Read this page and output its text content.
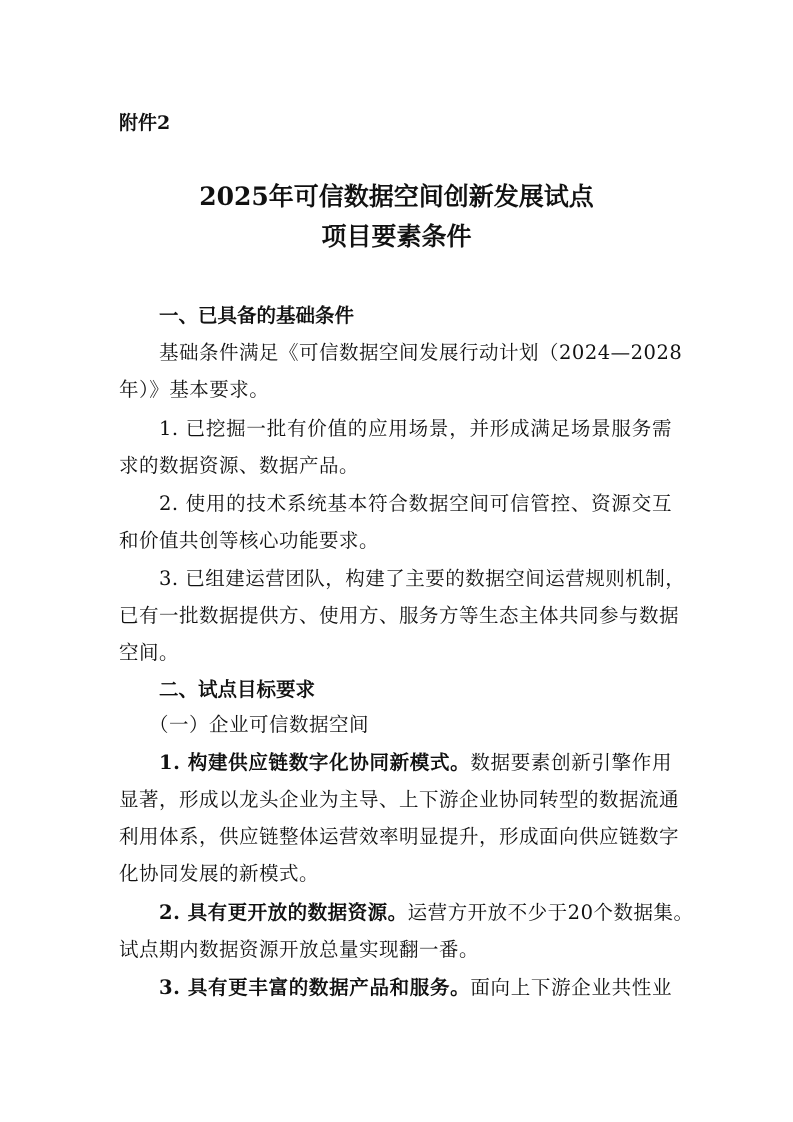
附件2
2025年可信数据空间创新发展试点
项目要素条件
一、已具备的基础条件
基础条件满足《可信数据空间发展行动计划（2024—2028
年）》基本要求。
1. 已挖掘一批有价值的应用场景，并形成满足场景服务需
求的数据资源、数据产品。
2. 使用的技术系统基本符合数据空间可信管控、资源交互
和价值共创等核心功能要求。
3. 已组建运营团队，构建了主要的数据空间运营规则机制，
已有一批数据提供方、使用方、服务方等生态主体共同参与数据
空间。
二、试点目标要求
（一）企业可信数据空间
1. 构建供应链数字化协同新模式。数据要素创新引擎作用
显著，形成以龙头企业为主导、上下游企业协同转型的数据流通
利用体系，供应链整体运营效率明显提升，形成面向供应链数字
化协同发展的新模式。
2. 具有更开放的数据资源。运营方开放不少于20个数据集。
试点期内数据资源开放总量实现翻一番。
3. 具有更丰富的数据产品和服务。面向上下游企业共性业
